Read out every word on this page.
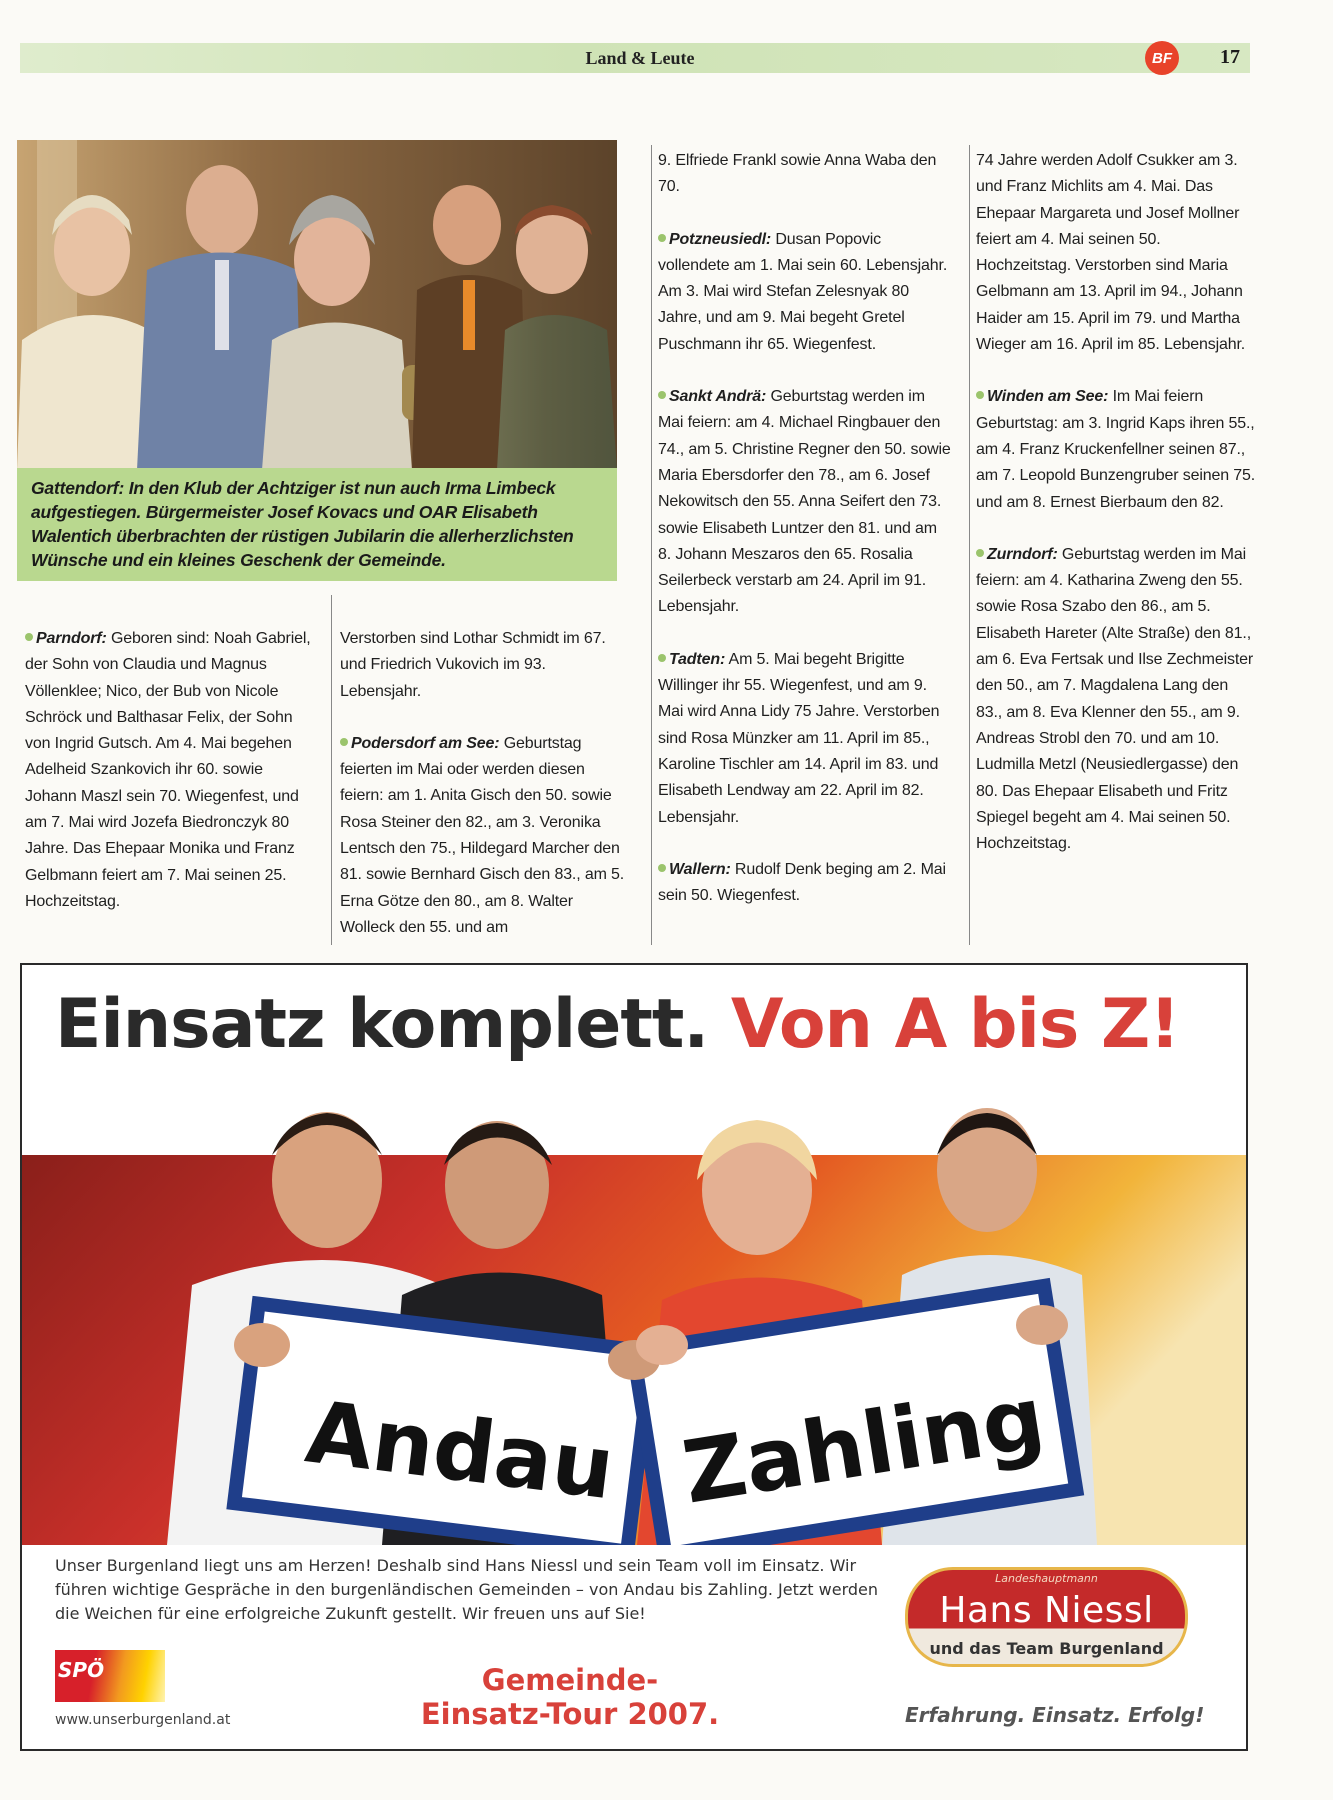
Land & Leute	BF	17
Gattendorf: In den Klub der Achtziger ist nun auch Irma Limbeck aufgestiegen. Bürgermeister Josef Kovacs und OAR Elisabeth Walentich überbrachten der rüstigen Jubilarin die allerherzlichsten Wünsche und ein kleines Geschenk der Gemeinde.

Parndorf: Geboren sind: Noah Gabriel, der Sohn von Claudia und Magnus Völlenklee; Nico, der Bub von Nicole Schröck und Balthasar Felix, der Sohn von Ingrid Gutsch. Am 4. Mai begehen Adelheid Szankovich ihr 60. sowie Johann Maszl sein 70. Wiegenfest, und am 7. Mai wird Jozefa Biedronczyk 80 Jahre. Das Ehepaar Monika und Franz Gelbmann feiert am 7. Mai seinen 25. Hochzeitstag.

Verstorben sind Lothar Schmidt im 67. und Friedrich Vukovich im 93. Lebensjahr.

Podersdorf am See: Geburtstag feierten im Mai oder werden diesen feiern: am 1. Anita Gisch den 50. sowie Rosa Steiner den 82., am 3. Veronika Lentsch den 75., Hildegard Marcher den 81. sowie Bernhard Gisch den 83., am 5. Erna Götze den 80., am 8. Walter Wolleck den 55. und am

9. Elfriede Frankl sowie Anna Waba den 70.

Potzneusiedl: Dusan Popovic vollendete am 1. Mai sein 60. Lebensjahr. Am 3. Mai wird Stefan Zelesnyak 80 Jahre, und am 9. Mai begeht Gretel Puschmann ihr 65. Wiegenfest.

Sankt Andrä: Geburtstag werden im Mai feiern: am 4. Michael Ringbauer den 74., am 5. Christine Regner den 50. sowie Maria Ebersdorfer den 78., am 6. Josef Nekowitsch den 55. Anna Seifert den 73. sowie Elisabeth Luntzer den 81. und am 8. Johann Meszaros den 65. Rosalia Seilerbeck verstarb am 24. April im 91. Lebensjahr.

Tadten: Am 5. Mai begeht Brigitte Willinger ihr 55. Wiegenfest, und am 9. Mai wird Anna Lidy 75 Jahre. Verstorben sind Rosa Münzker am 11. April im 85., Karoline Tischler am 14. April im 83. und Elisabeth Lendway am 22. April im 82. Lebensjahr.

Wallern: Rudolf Denk beging am 2. Mai sein 50. Wiegenfest.

74 Jahre werden Adolf Csukker am 3. und Franz Michlits am 4. Mai. Das Ehepaar Margareta und Josef Mollner feiert am 4. Mai seinen 50. Hochzeitstag. Verstorben sind Maria Gelbmann am 13. April im 94., Johann Haider am 15. April im 79. und Martha Wieger am 16. April im 85. Lebensjahr.

Winden am See: Im Mai feiern Geburtstag: am 3. Ingrid Kaps ihren 55., am 4. Franz Kruckenfellner seinen 87., am 7. Leopold Bunzengruber seinen 75. und am 8. Ernest Bierbaum den 82.

Zurndorf: Geburtstag werden im Mai feiern: am 4. Katharina Zweng den 55. sowie Rosa Szabo den 86., am 5. Elisabeth Hareter (Alte Straße) den 81., am 6. Eva Fertsak und Ilse Zechmeister den 50., am 7. Magdalena Lang den 83., am 8. Eva Klenner den 55., am 9. Andreas Strobl den 70. und am 10. Ludmilla Metzl (Neusiedlergasse) den 80. Das Ehepaar Elisabeth und Fritz Spiegel begeht am 4. Mai seinen 50. Hochzeitstag.

Einsatz komplett. Von A bis Z!
Andau Zahling
Unser Burgenland liegt uns am Herzen! Deshalb sind Hans Niessl und sein Team voll im Einsatz. Wir führen wichtige Gespräche in den burgenländischen Gemeinden – von Andau bis Zahling. Jetzt werden die Weichen für eine erfolgreiche Zukunft gestellt. Wir freuen uns auf Sie!
SPÖ
www.unserburgenland.at
Gemeinde-
Einsatz-Tour 2007.
Landeshauptmann
Hans Niessl
und das Team Burgenland
Erfahrung. Einsatz. Erfolg!
